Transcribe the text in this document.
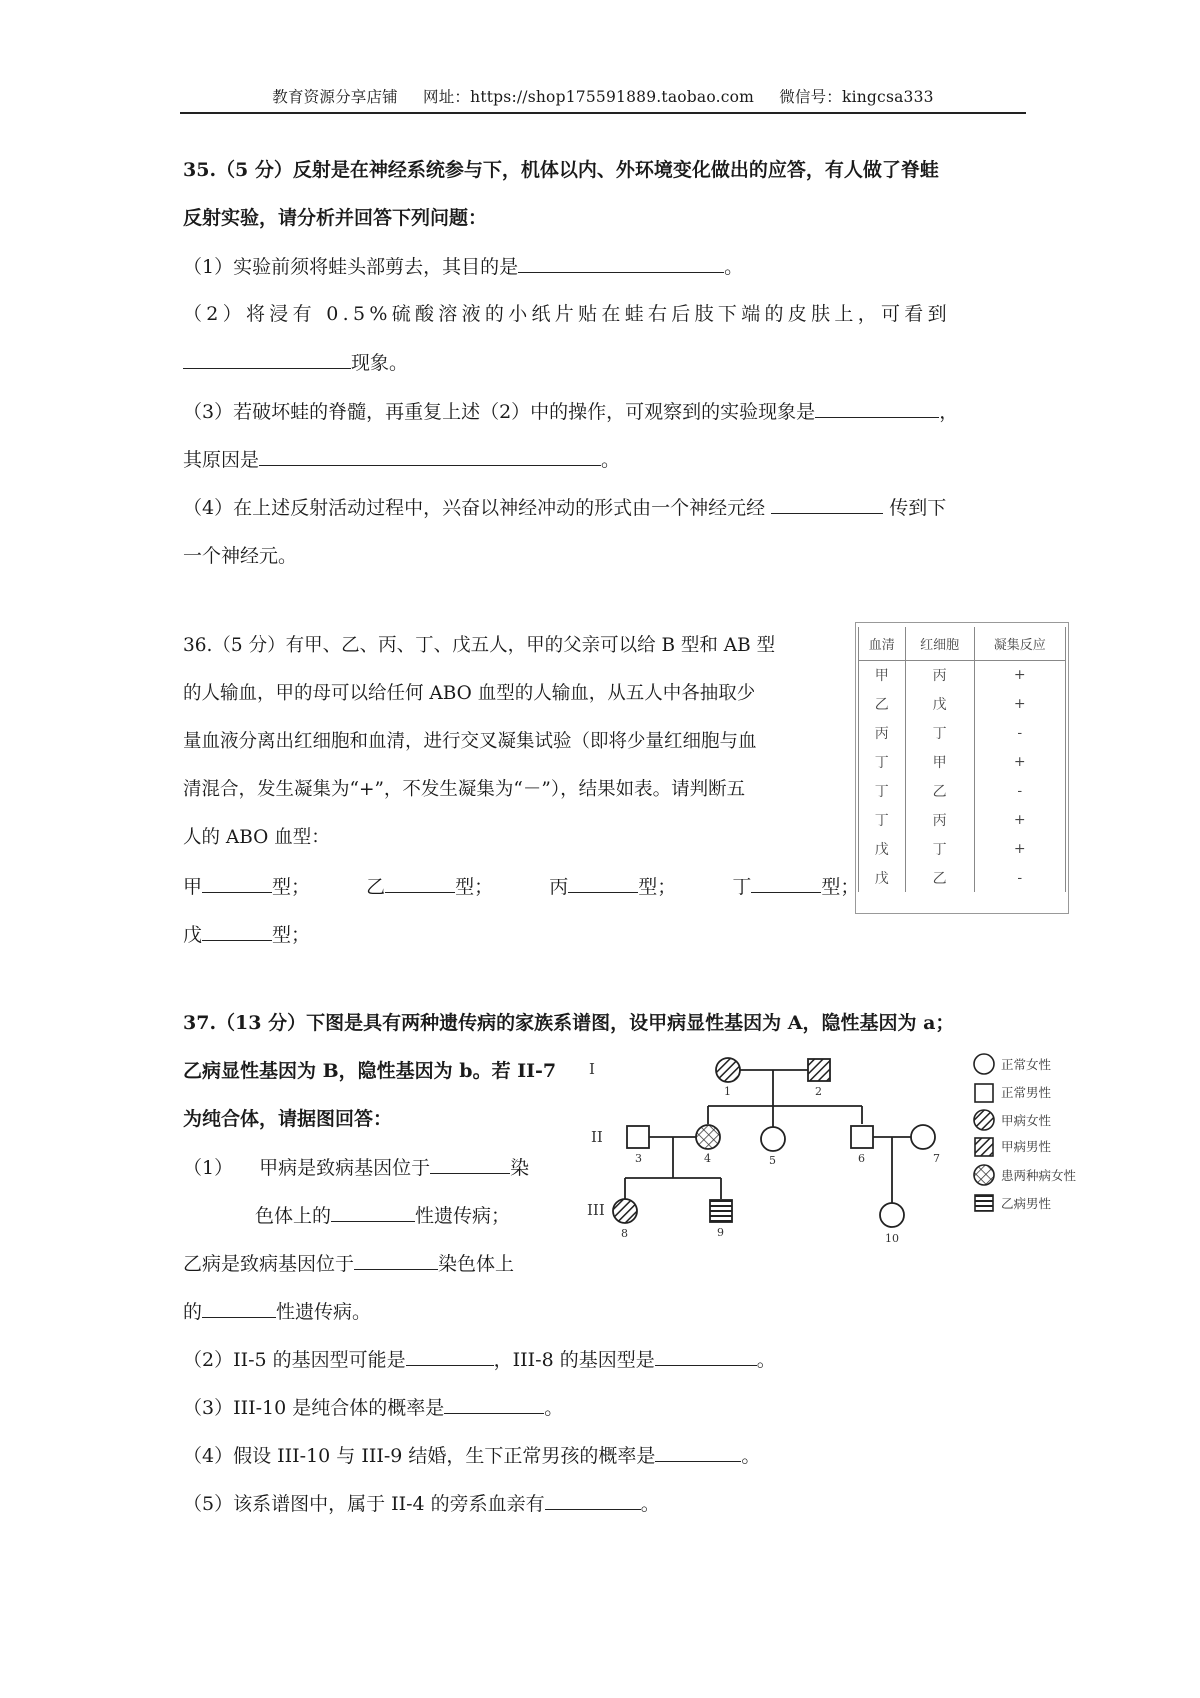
教育资源分享店铺 网址：https://shop175591889.taobao.com 微信号：kingcsa333
35.（5 分）反射是在神经系统参与下，机体以内、外环境变化做出的应答，有人做了脊蛙
反射实验，请分析并回答下列问题：
（1）实验前须将蛙头部剪去，其目的是	。
（2）将浸有 0.5%硫酸溶液的小纸片贴在蛙右后肢下端的皮肤上，可看到
现象。
（3）若破坏蛙的脊髓，再重复上述（2）中的操作，可观察到的实验现象是	，
其原因是	。
（4）在上述反射活动过程中，兴奋以神经冲动的形式由一个神经元经	传到下
一个神经元。
36.（5 分）有甲、乙、丙、丁、戊五人，甲的父亲可以给 B 型和 AB 型
的人输血，甲的母可以给任何 ABO 血型的人输血，从五人中各抽取少
量血液分离出红细胞和血清，进行交叉凝集试验（即将少量红细胞与血
清混合，发生凝集为“+”，不发生凝集为“－”），结果如表。请判断五
人的 ABO 血型：
甲	型；	乙	型；	丙	型；	丁	型；
戊	型；
血清	红细胞	凝集反应
甲	丙	+
乙	戊	+
丙	丁	-
丁	甲	+
丁	乙	-
丁	丙	+
戊	丁	+
戊	乙	-
37.（13 分）下图是具有两种遗传病的家族系谱图，设甲病显性基因为 A，隐性基因为 a；
乙病显性基因为 B，隐性基因为 b。若 II-7
为纯合体，请据图回答：
（1） 甲病是致病基因位于	染
色体上的	性遗传病；
乙病是致病基因位于	染色体上
的	性遗传病。
（2）II-5 的基因型可能是	，III-8 的基因型是	。
（3）III-10 是纯合体的概率是	。
（4）假设 III-10 与 III-9 结婚，生下正常男孩的概率是	。
（5）该系谱图中，属于 II-4 的旁系血亲有	。
I
II
III
1	2
3	4	5	6	7
8	9	10
正常女性
正常男性
甲病女性
甲病男性
患两种病女性
乙病男性
